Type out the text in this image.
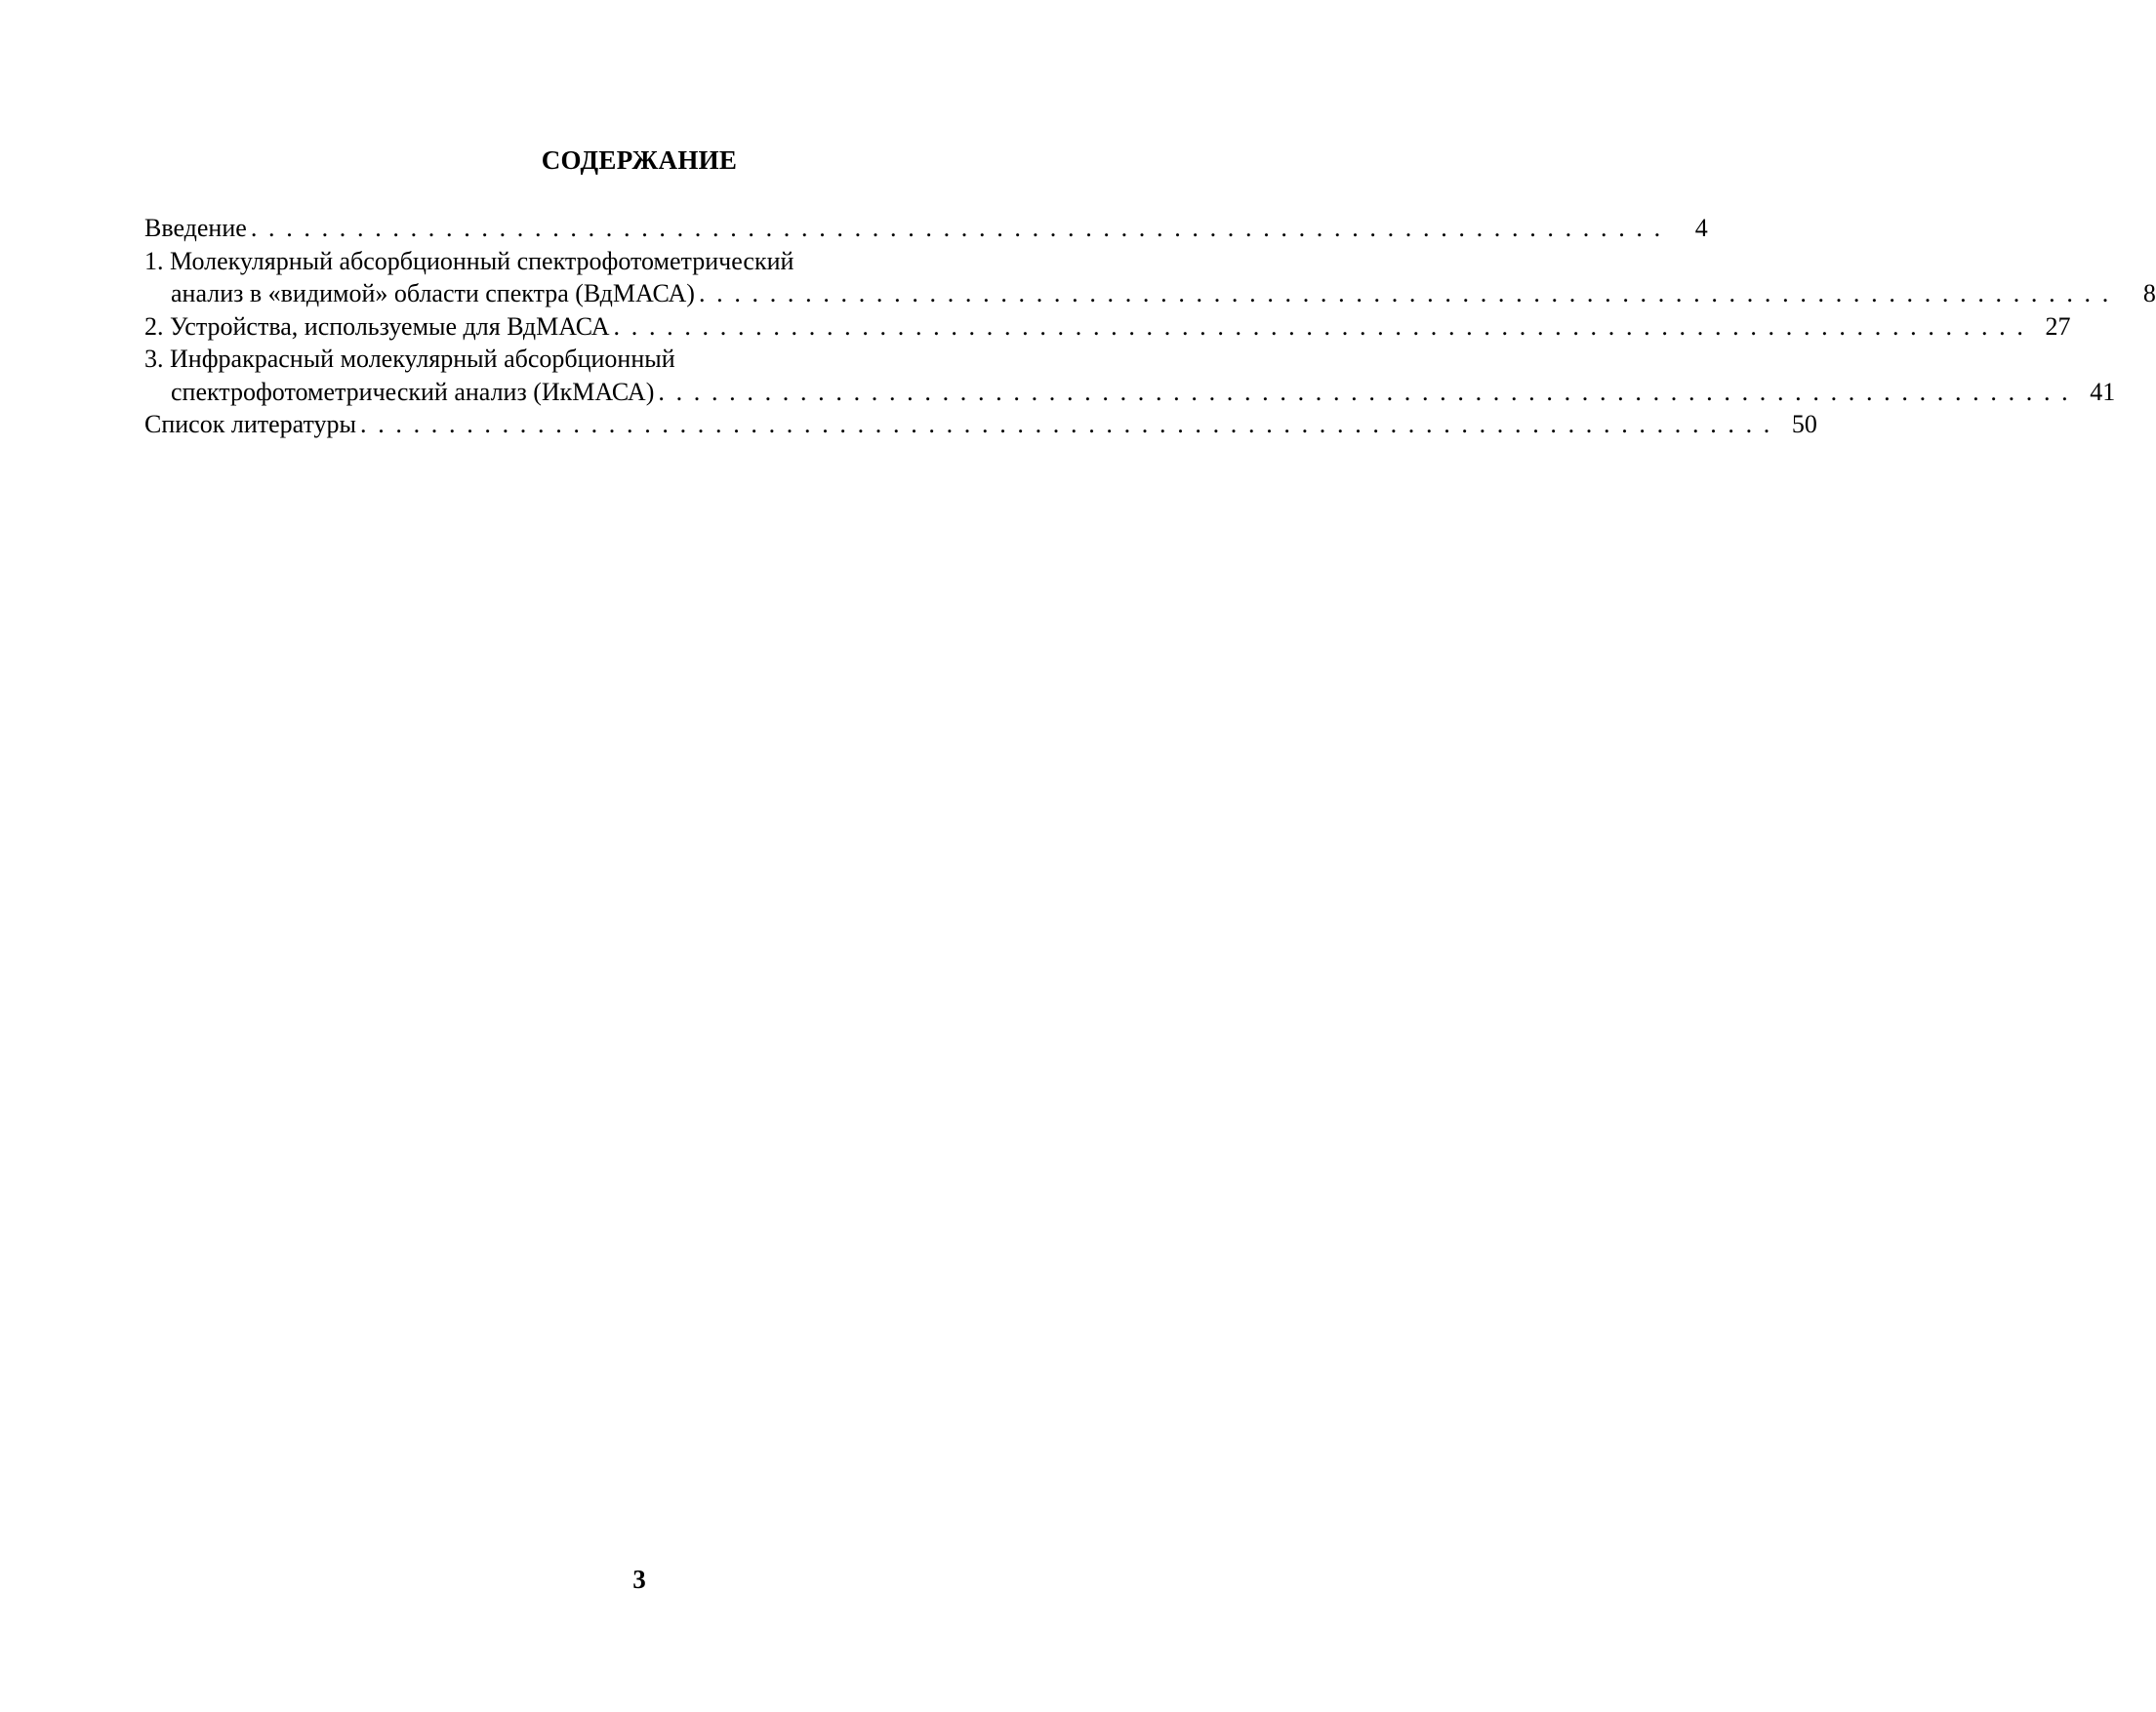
СОДЕРЖАНИЕ
Введение . . . . . . . . . . . . . . . . . . . . . . . . . . . . . . . . . . . . . . . . . . . . . . . . . . . . . . . . . . . . . . . . . . . . . . . . . . . . . . . .	4
1. Молекулярный абсорбционный спектрофотометрический
анализ в «видимой» области спектра (ВдМАСА) . . . . . . . . . . . . . . . . . . . . . . . . . . . . . . . . . . . . . . . . . . . . . . . . . . . . . . . . . . . . . . . . . . . . . . . . . . . . . . . .	8
2. Устройства, используемые для ВдМАСА . . . . . . . . . . . . . . . . . . . . . . . . . . . . . . . . . . . . . . . . . . . . . . . . . . . . . . . . . . . . . . . . . . . . . . . . . . . . . . . . 27
3. Инфракрасный молекулярный абсорбционный
спектрофотометрический анализ (ИкМАСА) . . . . . . . . . . . . . . . . . . . . . . . . . . . . . . . . . . . . . . . . . . . . . . . . . . . . . . . . . . . . . . . . . . . . . . . . . . . . . . . . 41
Список литературы . . . . . . . . . . . . . . . . . . . . . . . . . . . . . . . . . . . . . . . . . . . . . . . . . . . . . . . . . . . . . . . . . . . . . . . . . . . . . . . . 50
3
